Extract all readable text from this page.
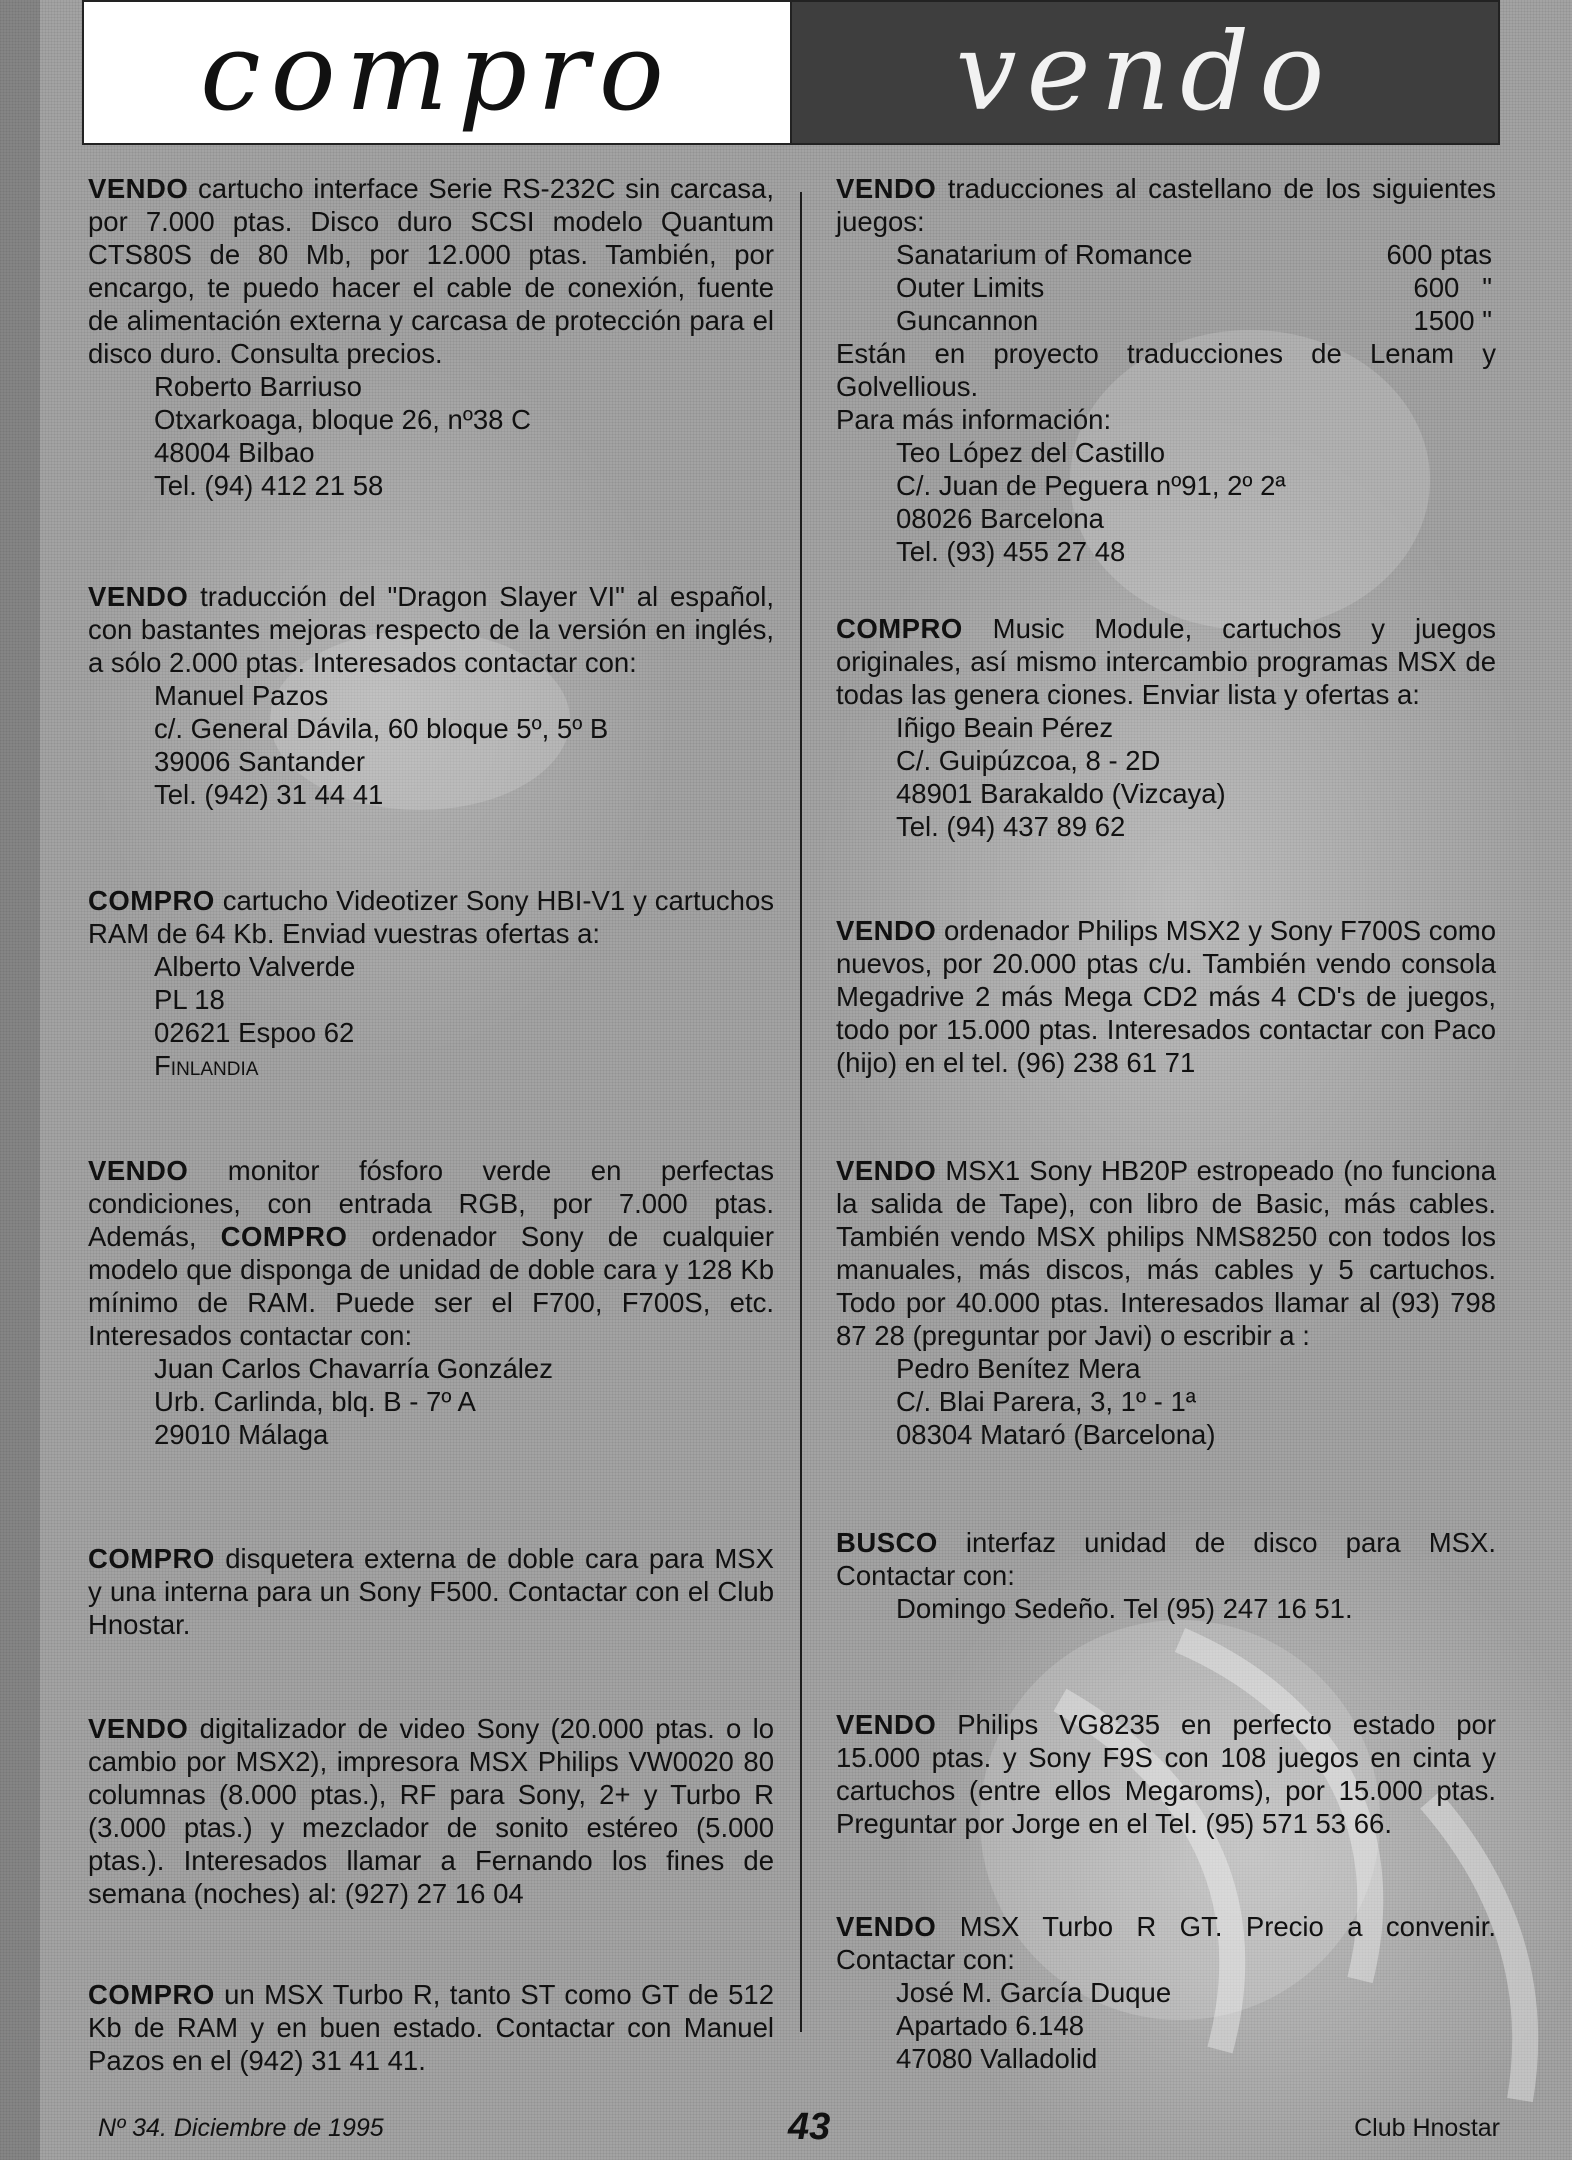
compro	vendo

VENDO cartucho interface Serie RS-232C sin carcasa, por 7.000 ptas. Disco duro SCSI modelo Quantum CTS80S de 80 Mb, por 12.000 ptas. También, por encargo, te puedo hacer el cable de conexión, fuente de alimentación externa y carcasa de protección para el disco duro. Consulta precios.

Roberto Barriuso
Otxarkoaga, bloque 26, nº38 C
48004 Bilbao
Tel. (94) 412 21 58

VENDO traducción del "Dragon Slayer VI" al español, con bastantes mejoras respecto de la versión en inglés, a sólo 2.000 ptas. Interesados contactar con:

Manuel Pazos
c/. General Dávila, 60 bloque 5º, 5º B
39006 Santander
Tel. (942) 31 44 41

COMPRO cartucho Videotizer Sony HBI-V1 y cartuchos RAM de 64 Kb. Enviad vuestras ofertas a:

Alberto Valverde
PL 18
02621 Espoo 62
Finlandia

VENDO monitor fósforo verde en perfectas condiciones, con entrada RGB, por 7.000 ptas. Además, COMPRO ordenador Sony de cualquier modelo que disponga de unidad de doble cara y 128 Kb mínimo de RAM. Puede ser el F700, F700S, etc. Interesados contactar con:

Juan Carlos Chavarría González
Urb. Carlinda, blq. B - 7º A
29010 Málaga

COMPRO disquetera externa de doble cara para MSX y una interna para un Sony F500. Contactar con el Club Hnostar.

VENDO digitalizador de video Sony (20.000 ptas. o lo cambio por MSX2), impresora MSX Philips VW0020 80 columnas (8.000 ptas.), RF para Sony, 2+ y Turbo R (3.000 ptas.) y mezclador de sonito estéreo (5.000 ptas.). Interesados llamar a Fernando los fines de semana (noches) al: (927) 27 16 04

COMPRO un MSX Turbo R, tanto ST como GT de 512 Kb de RAM y en buen estado. Contactar con Manuel Pazos en el (942) 31 41 41.

VENDO traducciones al castellano de los siguientes juegos:

Sanatarium of Romance	600 ptas
Outer Limits	600   "
Guncannon	1500 "

Están en proyecto traducciones de Lenam y Golvellious.

Para más información:

Teo López del Castillo
C/. Juan de Peguera nº91, 2º 2ª
08026 Barcelona
Tel. (93) 455 27 48

COMPRO Music Module, cartuchos y juegos originales, así mismo intercambio programas MSX de todas las genera ciones. Enviar lista y ofertas a:

Iñigo Beain Pérez
C/. Guipúzcoa, 8 - 2D
48901 Barakaldo (Vizcaya)
Tel. (94) 437 89 62

VENDO ordenador Philips MSX2 y Sony F700S como nuevos, por 20.000 ptas c/u. También vendo consola Megadrive 2 más Mega CD2 más 4 CD's de juegos, todo por 15.000 ptas. Interesados contactar con Paco (hijo) en el tel. (96) 238 61 71

VENDO MSX1 Sony HB20P estropeado (no funciona la salida de Tape), con libro de Basic, más cables. También vendo MSX philips NMS8250 con todos los manuales, más discos, más cables y 5 cartuchos. Todo por 40.000 ptas. Interesados llamar al (93) 798 87 28 (preguntar por Javi) o escribir a :

Pedro Benítez Mera
C/. Blai Parera, 3, 1º - 1ª
08304 Mataró (Barcelona)

BUSCO interfaz unidad de disco para MSX. Contactar con:

Domingo Sedeño. Tel (95) 247 16 51.

VENDO Philips VG8235 en perfecto estado por 15.000 ptas. y Sony F9S con 108 juegos en cinta y cartuchos (entre ellos Megaroms), por 15.000 ptas. Preguntar por Jorge en el Tel. (95) 571 53 66.

VENDO MSX Turbo R GT. Precio a convenir. Contactar con:

José M. García Duque
Apartado 6.148
47080 Valladolid
Nº 34. Diciembre de 1995	43	Club Hnostar
